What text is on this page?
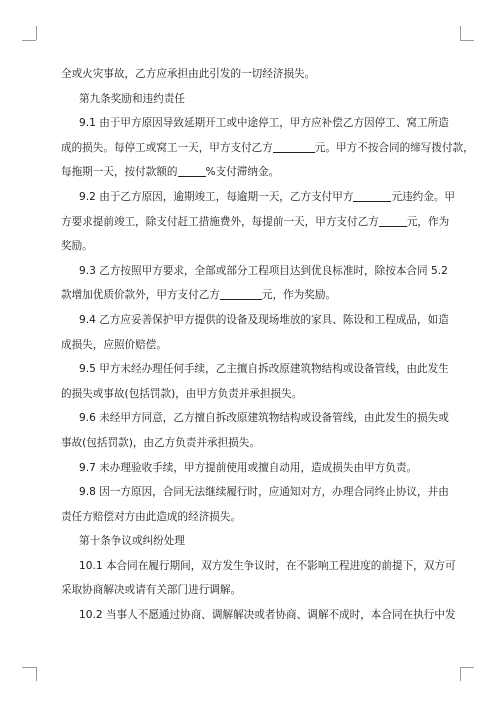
全或火灾事故，乙方应承担由此引发的一切经济损失。
第九条奖励和违约责任
9.1 由于甲方原因导致延期开工或中途停工，甲方应补偿乙方因停工、窝工所造
成的损失。每停工或窝工一天，甲方支付乙方	元。甲方不按合同的缔写拨付款，
每拖期一天，按付款额的	%支付滞纳金。
9.2 由于乙方原因，逾期竣工，每逾期一天，乙方支付甲方	元违约金。甲
方要求提前竣工，除支付赶工措施费外，每提前一天，甲方支付乙方	元，作为
奖励。
9.3 乙方按照甲方要求，全部或部分工程项目达到优良标准时，除按本合同 5.2
款增加优质价款外，甲方支付乙方	元，作为奖励。
9.4 乙方应妥善保护甲方提供的设备及现场堆放的家具、陈设和工程成品，如造
成损失，应照价赔偿。
9.5 甲方未经办理任何手续，乙主擅自拆改原建筑物结构或设备管线，由此发生
的损失或事故(包括罚款)，由甲方负责并承担损失。
9.6 未经甲方同意，乙方擅自拆改原建筑物结构或设备管线，由此发生的损失或
事故(包括罚款)，由乙方负责并承担损失。
9.7 未办理验收手续，甲方提前使用或擅自动用，造成损失由甲方负责。
9.8 因一方原因，合同无法继续履行时，应通知对方，办理合同终止协议，并由
责任方赔偿对方由此造成的经济损失。
第十条争议或纠纷处理
10.1 本合同在履行期间，双方发生争议时，在不影响工程进度的前提下，双方可
采取协商解决或请有关部门进行调解。
10.2 当事人不愿通过协商、调解解决或者协商、调解不成时，本合同在执行中发
